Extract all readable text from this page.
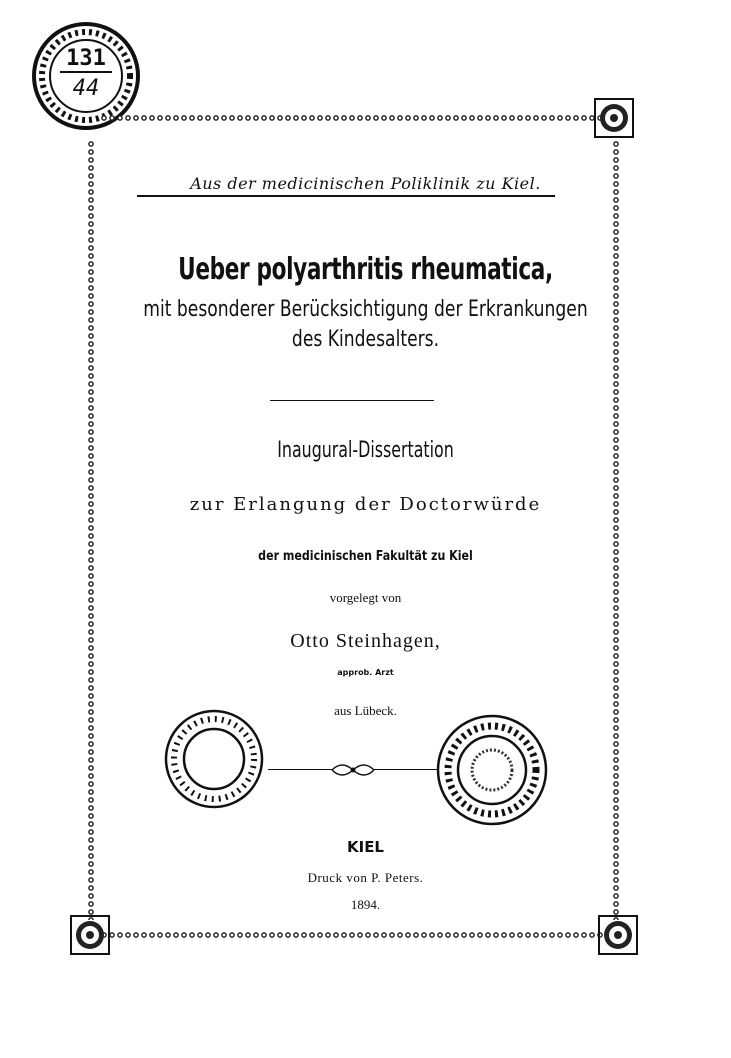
131
44
Aus der medicinischen Poliklinik zu Kiel.
Ueber polyarthritis rheumatica,
mit besonderer Berücksichtigung der Erkrankungen
des Kindesalters.
Inaugural-Dissertation
zur Erlangung der Doctorwürde
der medicinischen Fakultät zu Kiel
vorgelegt von
Otto Steinhagen,
approb. Arzt
aus Lübeck.
KIEL
Druck von P. Peters.
1894.
